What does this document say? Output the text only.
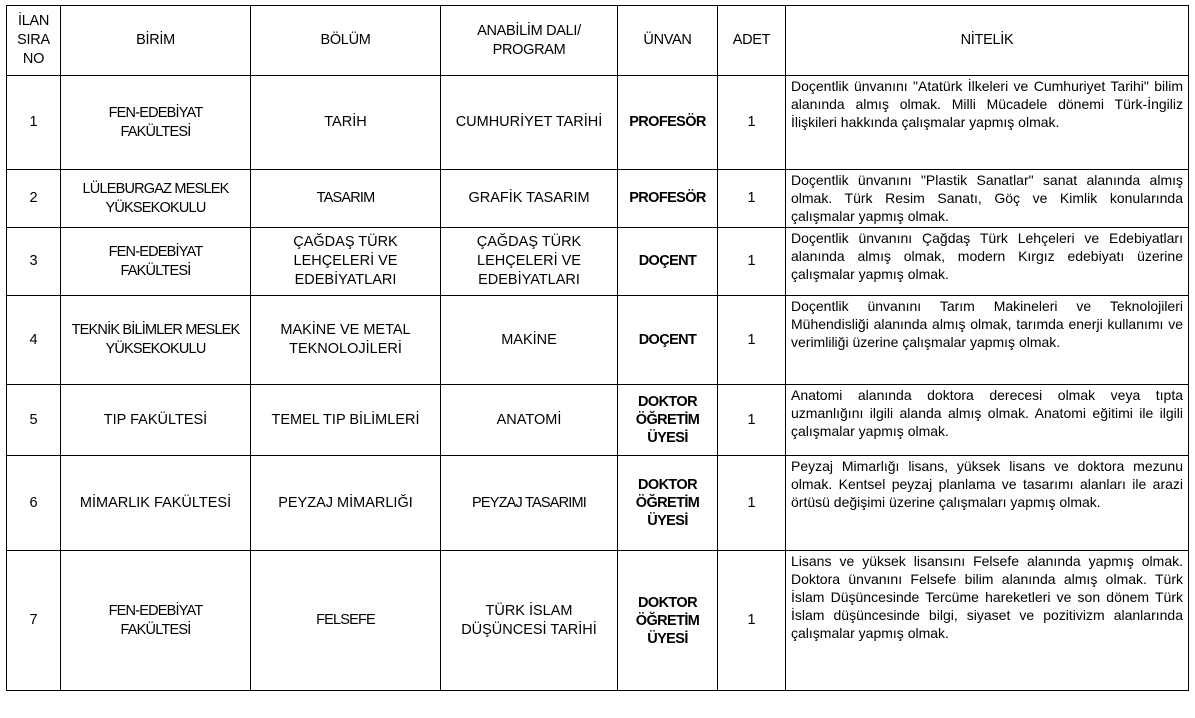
İLAN SIRA NO	BİRİM	BÖLÜM	ANABİLİM DALI/ PROGRAM	ÜNVAN	ADET	NİTELİK
1	FEN-EDEBİYAT FAKÜLTESİ	TARİH	CUMHURİYET TARİHİ	PROFESÖR	1	Doçentlik ünvanını "Atatürk İlkeleri ve Cumhuriyet Tarihi" bilim alanında almış olmak. Milli Mücadele dönemi Türk-İngiliz İlişkileri hakkında çalışmalar yapmış olmak.
2	LÜLEBURGAZ MESLEK YÜKSEKOKULU	TASARIM	GRAFİK TASARIM	PROFESÖR	1	Doçentlik ünvanını "Plastik Sanatlar" sanat alanında almış olmak. Türk Resim Sanatı, Göç ve Kimlik konularında çalışmalar yapmış olmak.
3	FEN-EDEBİYAT FAKÜLTESİ	ÇAĞDAŞ TÜRK LEHÇELERİ VE EDEBİYATLARI	ÇAĞDAŞ TÜRK LEHÇELERİ VE EDEBİYATLARI	DOÇENT	1	Doçentlik ünvanını Çağdaş Türk Lehçeleri ve Edebiyatları alanında almış olmak, modern Kırgız edebiyatı üzerine çalışmalar yapmış olmak.
4	TEKNİK BİLİMLER MESLEK YÜKSEKOKULU	MAKİNE VE METAL TEKNOLOJİLERİ	MAKİNE	DOÇENT	1	Doçentlik ünvanını Tarım Makineleri ve Teknolojileri Mühendisliği alanında almış olmak, tarımda enerji kullanımı ve verimliliği üzerine çalışmalar yapmış olmak.
5	TIP FAKÜLTESİ	TEMEL TIP BİLİMLERİ	ANATOMİ	DOKTOR ÖĞRETİM ÜYESİ	1	Anatomi alanında doktora derecesi olmak veya tıpta uzmanlığını ilgili alanda almış olmak. Anatomi eğitimi ile ilgili çalışmalar yapmış olmak.
6	MİMARLIK FAKÜLTESİ	PEYZAJ MİMARLIĞI	PEYZAJ TASARIMI	DOKTOR ÖĞRETİM ÜYESİ	1	Peyzaj Mimarlığı lisans, yüksek lisans ve doktora mezunu olmak. Kentsel peyzaj planlama ve tasarımı alanları ile arazi örtüsü değişimi üzerine çalışmaları yapmış olmak.
7	FEN-EDEBİYAT FAKÜLTESİ	FELSEFE	TÜRK İSLAM DÜŞÜNCESİ TARİHİ	DOKTOR ÖĞRETİM ÜYESİ	1	Lisans ve yüksek lisansını Felsefe alanında yapmış olmak. Doktora ünvanını Felsefe bilim alanında almış olmak. Türk İslam Düşüncesinde Tercüme hareketleri ve son dönem Türk İslam düşüncesinde bilgi, siyaset ve pozitivizm alanlarında çalışmalar yapmış olmak.
